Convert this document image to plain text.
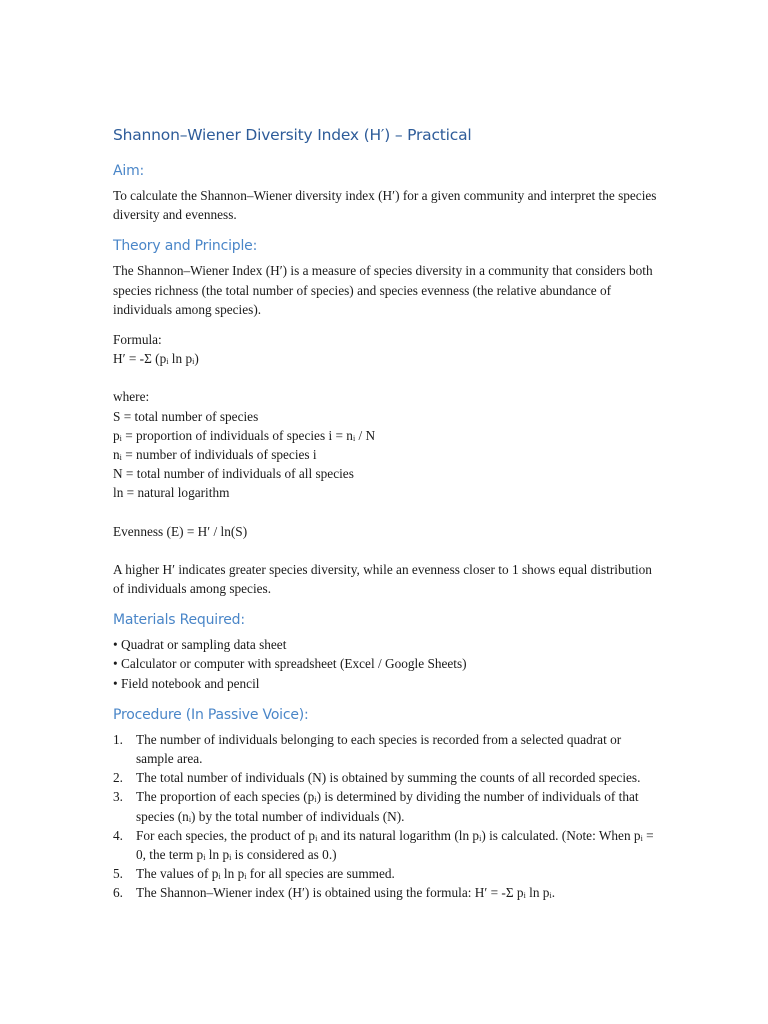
Shannon–Wiener Diversity Index (H′) – Practical
Aim:

To calculate the Shannon–Wiener diversity index (H′) for a given community and interpret the species diversity and evenness.

Theory and Principle:

The Shannon–Wiener Index (H′) is a measure of species diversity in a community that considers both species richness (the total number of species) and species evenness (the relative abundance of individuals among species).

Formula:

H′ = -Σ ($p_i$ $\ln p_i$)

where:

S = total number of species

$p_i$ = proportion of individuals of species $i = n_i / N$

$n_i$ = number of individuals of species i

N = total number of individuals of all species

ln = natural logarithm

Evenness (E) = H′ / ln(S)

A higher H′ indicates greater species diversity, while an evenness closer to 1 shows equal distribution of individuals among species.

Materials Required:
• Quadrat or sampling data sheet
• Calculator or computer with spreadsheet (Excel / Google Sheets)
• Field notebook and pencil
Procedure (In Passive Voice):
1. The number of individuals belonging to each species is recorded from a selected quadrat or sample area.
2. The total number of individuals (N) is obtained by summing the counts of all recorded species.
3. The proportion of each species $(p_i)$ is determined by dividing the number of individuals of that species $(n_i)$ by the total number of individuals (N).
4. For each species, the product of $p_i$ and its natural logarithm (ln $p_i$) is calculated. (Note: When $p_i = 0$, the term $p_i$ $\ln p_i$ is considered as 0.)
5. The values of $p_i$ $\ln p_i$ for all species are summed.
6. The Shannon–Wiener index (H′) is obtained using the formula: H′ = -Σ $p_i$ $\ln p_i$.
